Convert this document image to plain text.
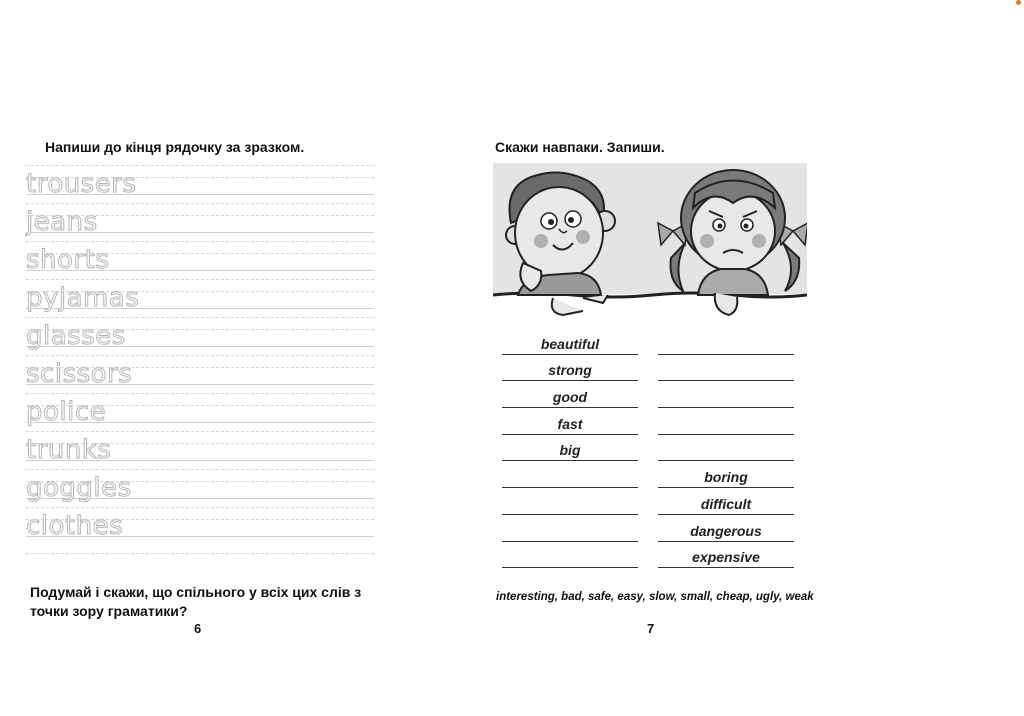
Напиши до кінця рядочку за зразком.
trousers
jeans
shorts
pyjamas
glasses
scissors
police
trunks
goggles
clothes
Подумай і скажи, що спільного у всіх цих слів з точки зору граматики?
6
Скажи навпаки. Запиши.
7
beautiful
strong
good
fast
big
boring
difficult
dangerous
expensive
interesting, bad, safe, easy, slow, small, cheap, ugly, weak
